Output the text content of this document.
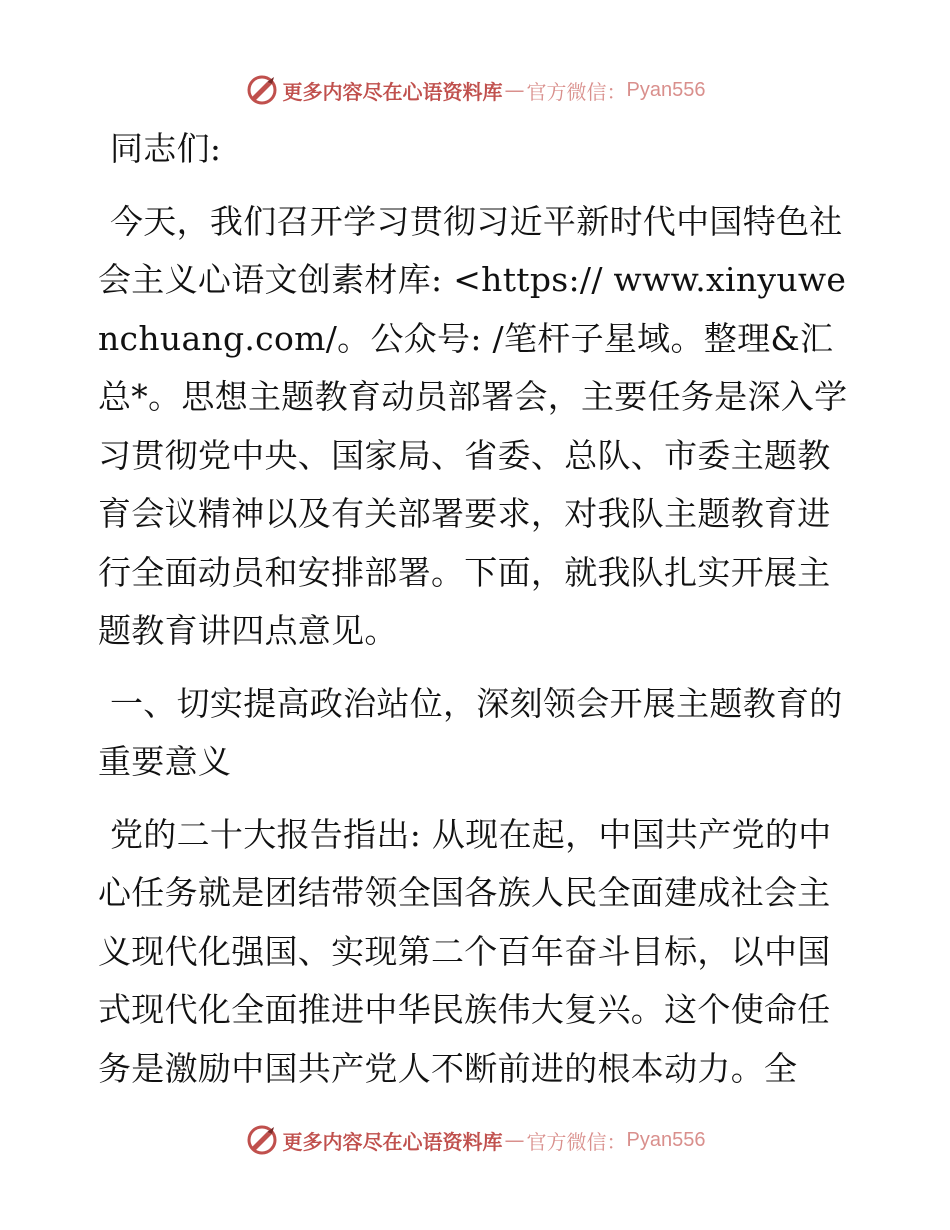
更多内容尽在心语资料库 — 官方微信： Pyan556

同志们:

今天，我们召开学习贯彻习近平新时代中国特色社会主义心语文创素材库: <https:// www.xinyuwenchuang.com/。公众号: /笔杆子星域。整理&汇总*。思想主题教育动员部署会，主要任务是深入学习贯彻党中央、国家局、省委、总队、市委主题教育会议精神以及有关部署要求，对我队主题教育进行全面动员和安排部署。下面，就我队扎实开展主题教育讲四点意见。

一、切实提高政治站位，深刻领会开展主题教育的重要意义

党的二十大报告指出: 从现在起，中国共产党的中心任务就是团结带领全国各族人民全面建成社会主义现代化强国、实现第二个百年奋斗目标，以中国式现代化全面推进中华民族伟大复兴。这个使命任务是激励中国共产党人不断前进的根本动力。全

更多内容尽在心语资料库 — 官方微信： Pyan556
